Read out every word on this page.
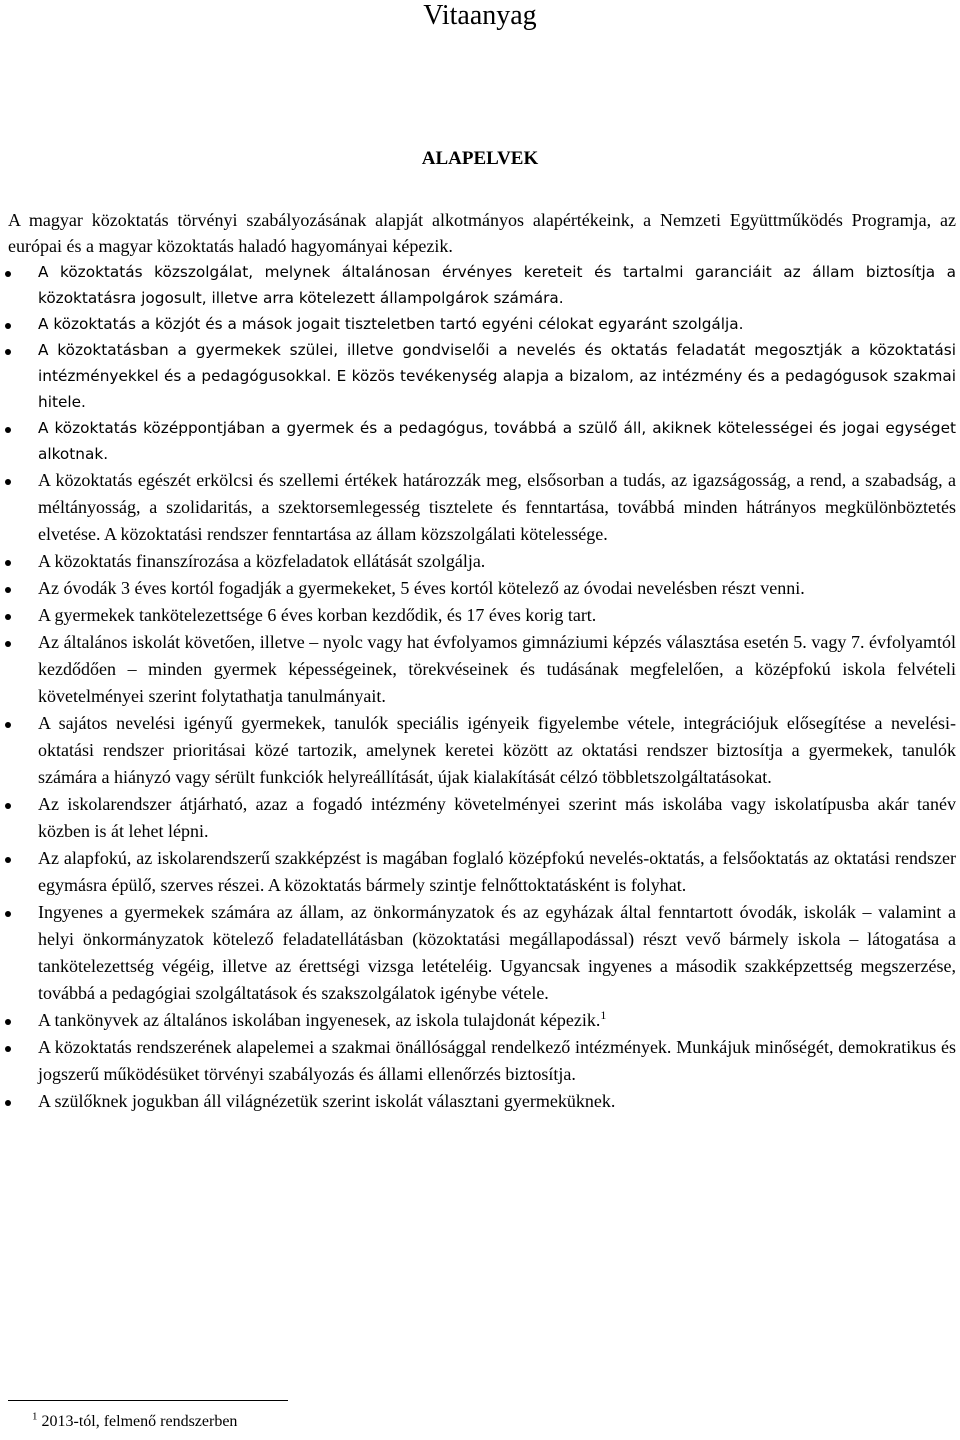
Vitaanyag
ALAPELVEK

A magyar közoktatás törvényi szabályozásának alapját alkotmányos alapértékeink, a Nemzeti Együttműködés Programja, az európai és a magyar közoktatás haladó hagyományai képezik.

A közoktatás közszolgálat, melynek általánosan érvényes kereteit és tartalmi garanciáit az állam biztosítja a közoktatásra jogosult, illetve arra kötelezett állampolgárok számára.
A közoktatás a közjót és a mások jogait tiszteletben tartó egyéni célokat egyaránt szolgálja.
A közoktatásban a gyermekek szülei, illetve gondviselői a nevelés és oktatás feladatát megosztják a közoktatási intézményekkel és a pedagógusokkal. E közös tevékenység alapja a bizalom, az intézmény és a pedagógusok szakmai hitele.
A közoktatás középpontjában a gyermek és a pedagógus, továbbá a szülő áll, akiknek kötelességei és jogai egységet alkotnak.
A közoktatás egészét erkölcsi és szellemi értékek határozzák meg, elsősorban a tudás, az igazságosság, a rend, a szabadság, a méltányosság, a szolidaritás, a szektorsemlegesség tisztelete és fenntartása, továbbá minden hátrányos megkülönböztetés elvetése. A közoktatási rendszer fenntartása az állam közszolgálati kötelessége.
A közoktatás finanszírozása a közfeladatok ellátását szolgálja.
Az óvodák 3 éves kortól fogadják a gyermekeket, 5 éves kortól kötelező az óvodai nevelésben részt venni.
A gyermekek tankötelezettsége 6 éves korban kezdődik, és 17 éves korig tart.
Az általános iskolát követően, illetve – nyolc vagy hat évfolyamos gimnáziumi képzés választása esetén 5. vagy 7. évfolyamtól kezdődően – minden gyermek képességeinek, törekvéseinek és tudásának megfelelően, a középfokú iskola felvételi követelményei szerint folytathatja tanulmányait.
A sajátos nevelési igényű gyermekek, tanulók speciális igényeik figyelembe vétele, integrációjuk elősegítése a nevelési-oktatási rendszer prioritásai közé tartozik, amelynek keretei között az oktatási rendszer biztosítja a gyermekek, tanulók számára a hiányzó vagy sérült funkciók helyreállítását, újak kialakítását célzó többletszolgáltatásokat.
Az iskolarendszer átjárható, azaz a fogadó intézmény követelményei szerint más iskolába vagy iskolatípusba akár tanév közben is át lehet lépni.
Az alapfokú, az iskolarendszerű szakképzést is magában foglaló középfokú nevelés-oktatás, a felsőoktatás az oktatási rendszer egymásra épülő, szerves részei. A közoktatás bármely szintje felnőttoktatásként is folyhat.
Ingyenes a gyermekek számára az állam, az önkormányzatok és az egyházak által fenntartott óvodák, iskolák – valamint a helyi önkormányzatok kötelező feladatellátásban (közoktatási megállapodással) részt vevő bármely iskola – látogatása a tankötelezettség végéig, illetve az érettségi vizsga letételéig. Ugyancsak ingyenes a második szakképzettség megszerzése, továbbá a pedagógiai szolgáltatások és szakszolgálatok igénybe vétele.
A tankönyvek az általános iskolában ingyenesek, az iskola tulajdonát képezik.$^1$
A közoktatás rendszerének alapelemei a szakmai önállósággal rendelkező intézmények. Munkájuk minőségét, demokratikus és jogszerű működésüket törvényi szabályozás és állami ellenőrzés biztosítja.
A szülőknek jogukban áll világnézetük szerint iskolát választani gyermeküknek.
$^1$ 2013-tól, felmenő rendszerben
